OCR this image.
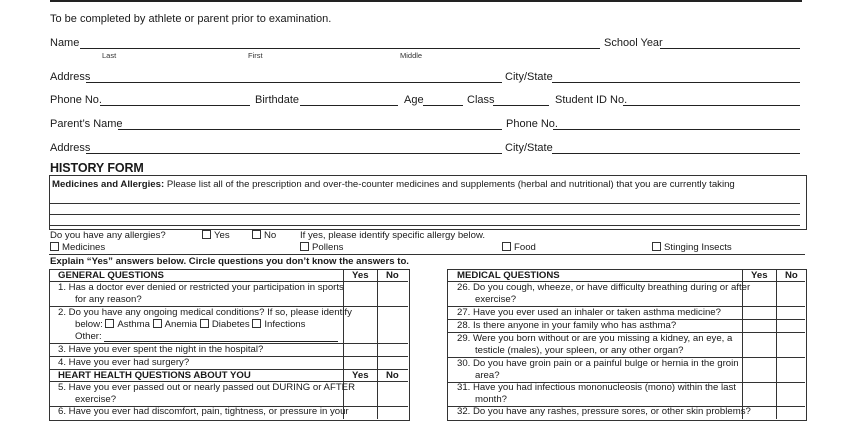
To be completed by athlete or parent prior to examination.
Name
Last	First	Middle
School Year
Address	City/State
Phone No.	Birthdate	Age	Class	Student ID No.
Parent’s Name	Phone No.
Address	City/State
HISTORY FORM
Medicines and Allergies: Please list all of the prescription and over-the-counter medicines and supplements (herbal and nutritional) that you are currently taking
Do you have any allergies?	Yes	No If yes, please identify specific allergy below.
Medicines	Pollens	Food	Stinging Insects
Explain “Yes” answers below. Circle questions you don’t know the answers to.
GENERAL QUESTIONS	Yes No
1. Has a doctor ever denied or restricted your participation in sports
for any reason?
2. Do you have any ongoing medical conditions? If so, please identify
below: Asthma Anemia Diabetes Infections
Other:
3. Have you ever spent the night in the hospital?
4. Have you ever had surgery?
HEART HEALTH QUESTIONS ABOUT YOU	Yes No
5. Have you ever passed out or nearly passed out DURING or AFTER
exercise?
6. Have you ever had discomfort, pain, tightness, or pressure in your
MEDICAL QUESTIONS	Yes No
26. Do you cough, wheeze, or have difficulty breathing during or after
exercise?
27. Have you ever used an inhaler or taken asthma medicine?
28. Is there anyone in your family who has asthma?
29. Were you born without or are you missing a kidney, an eye, a
testicle (males), your spleen, or any other organ?
30. Do you have groin pain or a painful bulge or hernia in the groin
area?
31. Have you had infectious mononucleosis (mono) within the last
month?
32. Do you have any rashes, pressure sores, or other skin problems?
